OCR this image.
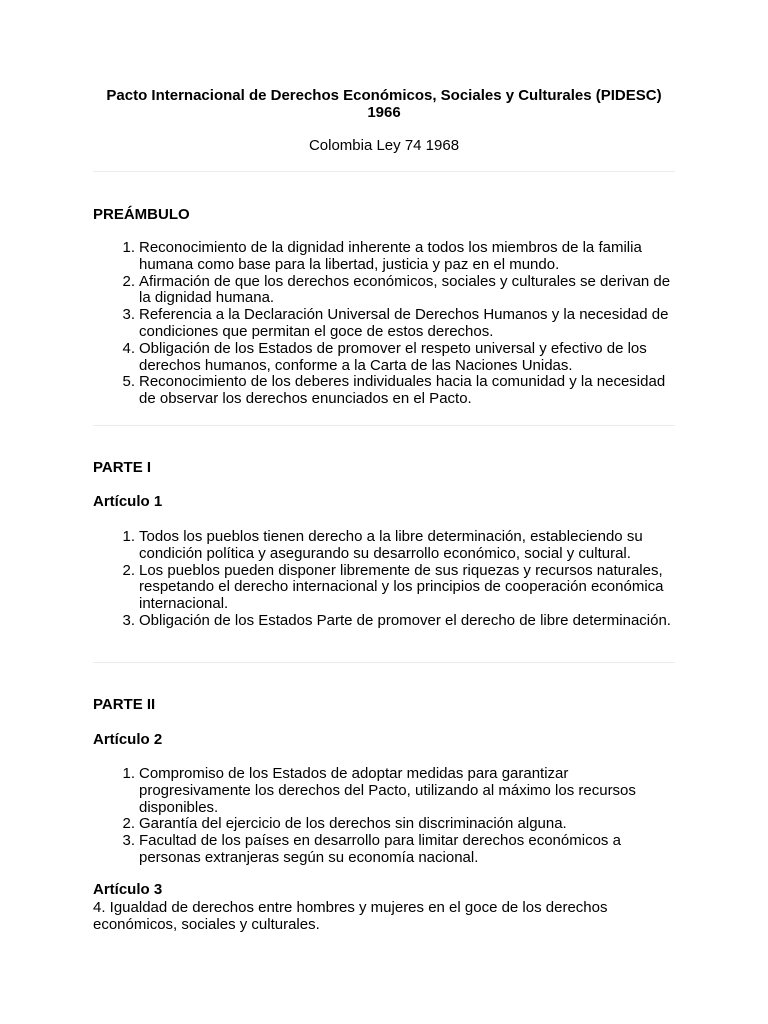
Pacto Internacional de Derechos Económicos, Sociales y Culturales (PIDESC)
1966
Colombia Ley 74 1968
PREÁMBULO
1. Reconocimiento de la dignidad inherente a todos los miembros de la familia humana como base para la libertad, justicia y paz en el mundo.
2. Afirmación de que los derechos económicos, sociales y culturales se derivan de la dignidad humana.
3. Referencia a la Declaración Universal de Derechos Humanos y la necesidad de condiciones que permitan el goce de estos derechos.
4. Obligación de los Estados de promover el respeto universal y efectivo de los derechos humanos, conforme a la Carta de las Naciones Unidas.
5. Reconocimiento de los deberes individuales hacia la comunidad y la necesidad de observar los derechos enunciados en el Pacto.
PARTE I
Artículo 1
1. Todos los pueblos tienen derecho a la libre determinación, estableciendo su condición política y asegurando su desarrollo económico, social y cultural.
2. Los pueblos pueden disponer libremente de sus riquezas y recursos naturales, respetando el derecho internacional y los principios de cooperación económica internacional.
3. Obligación de los Estados Parte de promover el derecho de libre determinación.
PARTE II
Artículo 2
1. Compromiso de los Estados de adoptar medidas para garantizar progresivamente los derechos del Pacto, utilizando al máximo los recursos disponibles.
2. Garantía del ejercicio de los derechos sin discriminación alguna.
3. Facultad de los países en desarrollo para limitar derechos económicos a personas extranjeras según su economía nacional.
Artículo 3
4. Igualdad de derechos entre hombres y mujeres en el goce de los derechos económicos, sociales y culturales.
